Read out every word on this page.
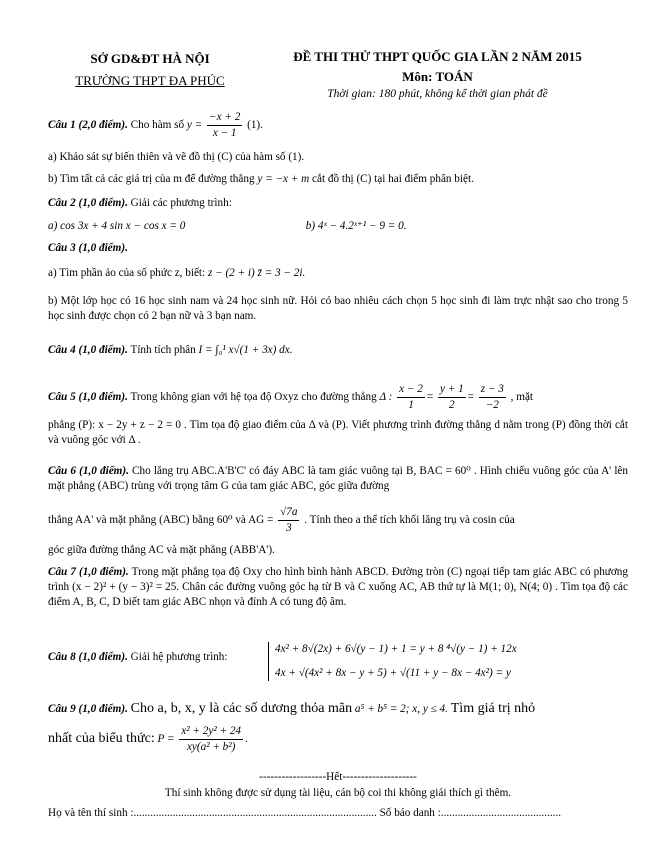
SỞ GD&ĐT HÀ NỘI
TRƯỜNG THPT ĐA PHÚC
ĐỀ THI THỬ THPT QUỐC GIA LẦN 2 NĂM 2015
Môn: TOÁN
Thời gian: 180 phút, không kể thời gian phát đề
Câu 1 (2,0 điểm). Cho hàm số $y = \frac{-x + 2}{x - 1} (1)$.
a) Khảo sát sự biến thiên và vẽ đồ thị (C) của hàm số (1).
b) Tìm tất cả các giá trị của m để đường thẳng y = −x + m cắt đồ thị (C) tại hai điểm phân biệt.
Câu 2 (1,0 điểm). Giải các phương trình:
a) cos 3x + 4 sin x − cos x = 0	b) 4ˣ − 4.2ˣ⁺¹ − 9 = 0.
Câu 3 (1,0 điểm).
a) Tìm phần ảo của số phức z, biết: z − (2 + i) z̄ = 3 − 2i.
b) Một lớp học có 16 học sinh nam và 24 học sinh nữ. Hỏi có bao nhiêu cách chọn 5 học sinh đi làm trực nhật sao cho trong 5 học sinh được chọn có 2 bạn nữ và 3 bạn nam.
Câu 4 (1,0 điểm). Tính tích phân I = ∫₀¹ x√(1 + 3x) dx.
Câu 5 (1,0 điểm). Trong không gian với hệ tọa độ Oxyz cho đường thẳng Δ : $\frac{x - 2}{1} = \frac{y + 1}{2} = \frac{z - 3}{-2}$ , mặt
phẳng (P): x − 2y + z − 2 = 0 . Tìm tọa độ giao điểm của Δ và (P). Viết phương trình đường thẳng d nằm trong (P) đồng thời cắt và vuông góc với Δ .
Câu 6 (1,0 điểm). Cho lăng trụ ABC.A'B'C' có đáy ABC là tam giác vuông tại B, BAC = 60⁰ . Hình chiếu vuông góc của A' lên mặt phẳng (ABC) trùng với trọng tâm G của tam giác ABC, góc giữa đường
thẳng AA' và mặt phẳng (ABC) bằng 60⁰ và AG = $\frac{√7a}{3}$ . Tính theo a thể tích khối lăng trụ và cosin của
góc giữa đường thẳng AC và mặt phẳng (ABB'A').
Câu 7 (1,0 điểm). Trong mặt phẳng tọa độ Oxy cho hình bình hành ABCD. Đường tròn (C) ngoại tiếp tam giác ABC có phương trình (x − 2)² + (y − 3)² = 25. Chân các đường vuông góc hạ từ B và C xuống AC, AB thứ tự là M(1; 0), N(4; 0) . Tìm tọa độ các điểm A, B, C, D biết tam giác ABC nhọn và đỉnh A có tung độ âm.
Câu 8 (1,0 điểm). Giải hệ phương trình:
4x² + 8√(2x) + 6√(y − 1) + 1 = y + 8 ⁴√(y − 1) + 12x
4x + √(4x² + 8x − y + 5) + √(11 + y − 8x − 4x²) = y
Câu 9 (1,0 điểm). Cho a, b, x, y là các số dương thỏa mãn a⁵ + b⁵ = 2; x, y ≤ 4. Tìm giá trị nhỏ
nhất của biểu thức: $P = \frac{\text{x² + 2y² + 24}}{\text{xy(a² + b²)}}$ .
------------------Hết--------------------
Thí sinh không được sử dụng tài liệu, cán bộ coi thi không giải thích gì thêm.
Họ và tên thí sinh :....................................................................................... Số báo danh :...........................................
